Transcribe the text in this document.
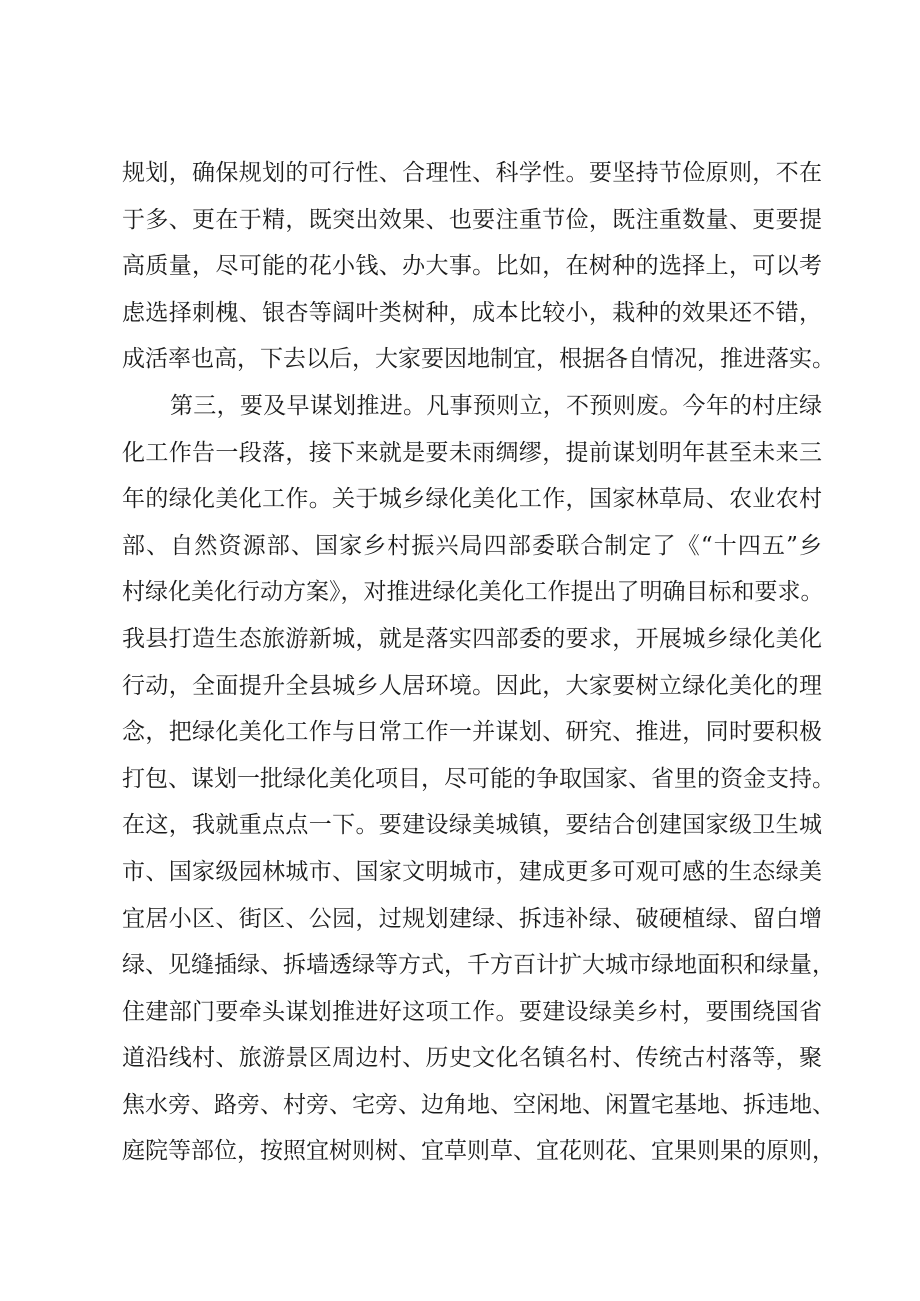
规划，确保规划的可行性、合理性、科学性。要坚持节俭原则，不在
于多、更在于精，既突出效果、也要注重节俭，既注重数量、更要提
高质量，尽可能的花小钱、办大事。比如，在树种的选择上，可以考
虑选择刺槐、银杏等阔叶类树种，成本比较小，栽种的效果还不错，
成活率也高，下去以后，大家要因地制宜，根据各自情况，推进落实。
第三，要及早谋划推进。凡事预则立，不预则废。今年的村庄绿
化工作告一段落，接下来就是要未雨绸缪，提前谋划明年甚至未来三
年的绿化美化工作。关于城乡绿化美化工作，国家林草局、农业农村
部、自然资源部、国家乡村振兴局四部委联合制定了《“十四五”乡
村绿化美化行动方案》，对推进绿化美化工作提出了明确目标和要求。
我县打造生态旅游新城，就是落实四部委的要求，开展城乡绿化美化
行动，全面提升全县城乡人居环境。因此，大家要树立绿化美化的理
念，把绿化美化工作与日常工作一并谋划、研究、推进，同时要积极
打包、谋划一批绿化美化项目，尽可能的争取国家、省里的资金支持。
在这，我就重点点一下。要建设绿美城镇，要结合创建国家级卫生城
市、国家级园林城市、国家文明城市，建成更多可观可感的生态绿美
宜居小区、街区、公园，过规划建绿、拆违补绿、破硬植绿、留白增
绿、见缝插绿、拆墙透绿等方式，千方百计扩大城市绿地面积和绿量，
住建部门要牵头谋划推进好这项工作。要建设绿美乡村，要围绕国省
道沿线村、旅游景区周边村、历史文化名镇名村、传统古村落等，聚
焦水旁、路旁、村旁、宅旁、边角地、空闲地、闲置宅基地、拆违地、
庭院等部位，按照宜树则树、宜草则草、宜花则花、宜果则果的原则，
